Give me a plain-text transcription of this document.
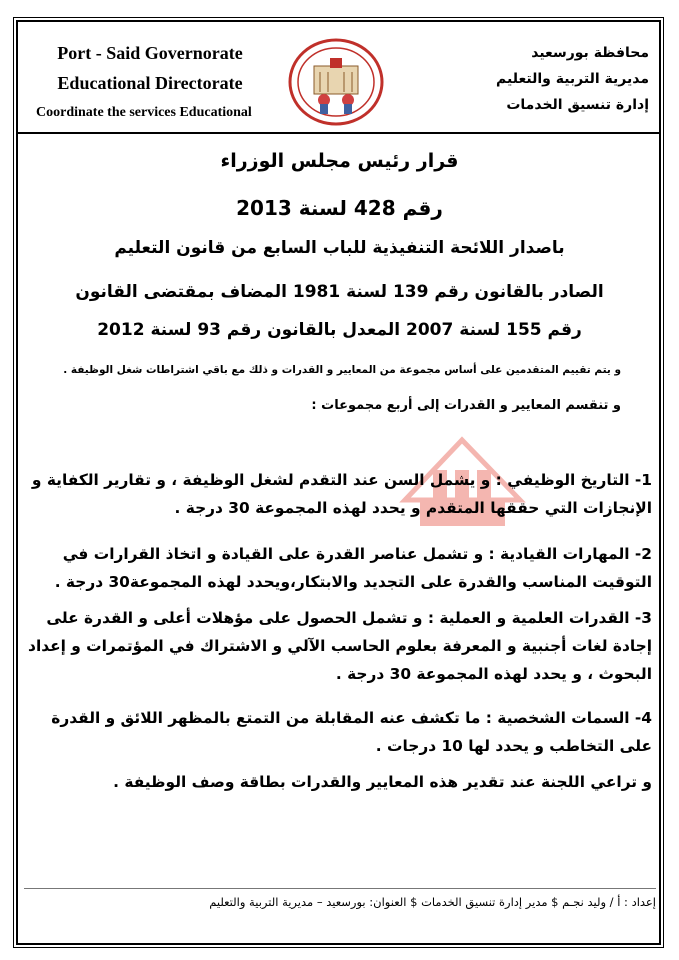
Port - Said Governorate
Educational Directorate
Coordinate the services Educational
محافظة بورسعيد
مديرية التربية والتعليم
إدارة تنسيق الخدمات
قرار رئيس مجلس الوزراء
رقم 428 لسنة 2013
باصدار اللائحة التنفيذية للباب السابع من قانون التعليم
الصادر بالقانون رقم 139 لسنة 1981 المضاف بمقتضى القانون
رقم 155 لسنة 2007 المعدل بالقانون رقم 93 لسنة 2012
و يتم تقييم المتقدمين على أساس مجموعة من المعايير و القدرات و ذلك مع باقي اشتراطات شغل الوظيفة .
و تنقسم المعايير و القدرات إلى أربع مجموعات :
1- التاريخ الوظيفي : و يشمل السن عند التقدم لشغل الوظيفة ، و تقارير الكفاية و
الإنجازات التي حققها المتقدم و يحدد لهذه المجموعة 30 درجة .
2- المهارات القيادية : و تشمل عناصر القدرة على القيادة و اتخاذ القرارات في
التوقيت المناسب والقدرة على التجديد والابتكار،ويحدد لهذه المجموعة30 درجة .
3- القدرات العلمية و العملية : و تشمل الحصول على مؤهلات أعلى و القدرة على
إجادة لغات أجنبية و المعرفة بعلوم الحاسب الآلي و الاشتراك في المؤتمرات و إعداد
البحوث ، و يحدد لهذه المجموعة 30 درجة .
4- السمات الشخصية : ما تكشف عنه المقابلة من التمتع بالمظهر اللائق و القدرة
على التخاطب و يحدد لها 10 درجات .
و تراعي اللجنة عند تقدير هذه المعايير والقدرات بطاقة وصف الوظيفة .
إعداد : أ / وليد نجـم $ مدير إدارة تنسيق الخدمات $ العنوان: بورسعيد – مديرية التربية والتعليم
